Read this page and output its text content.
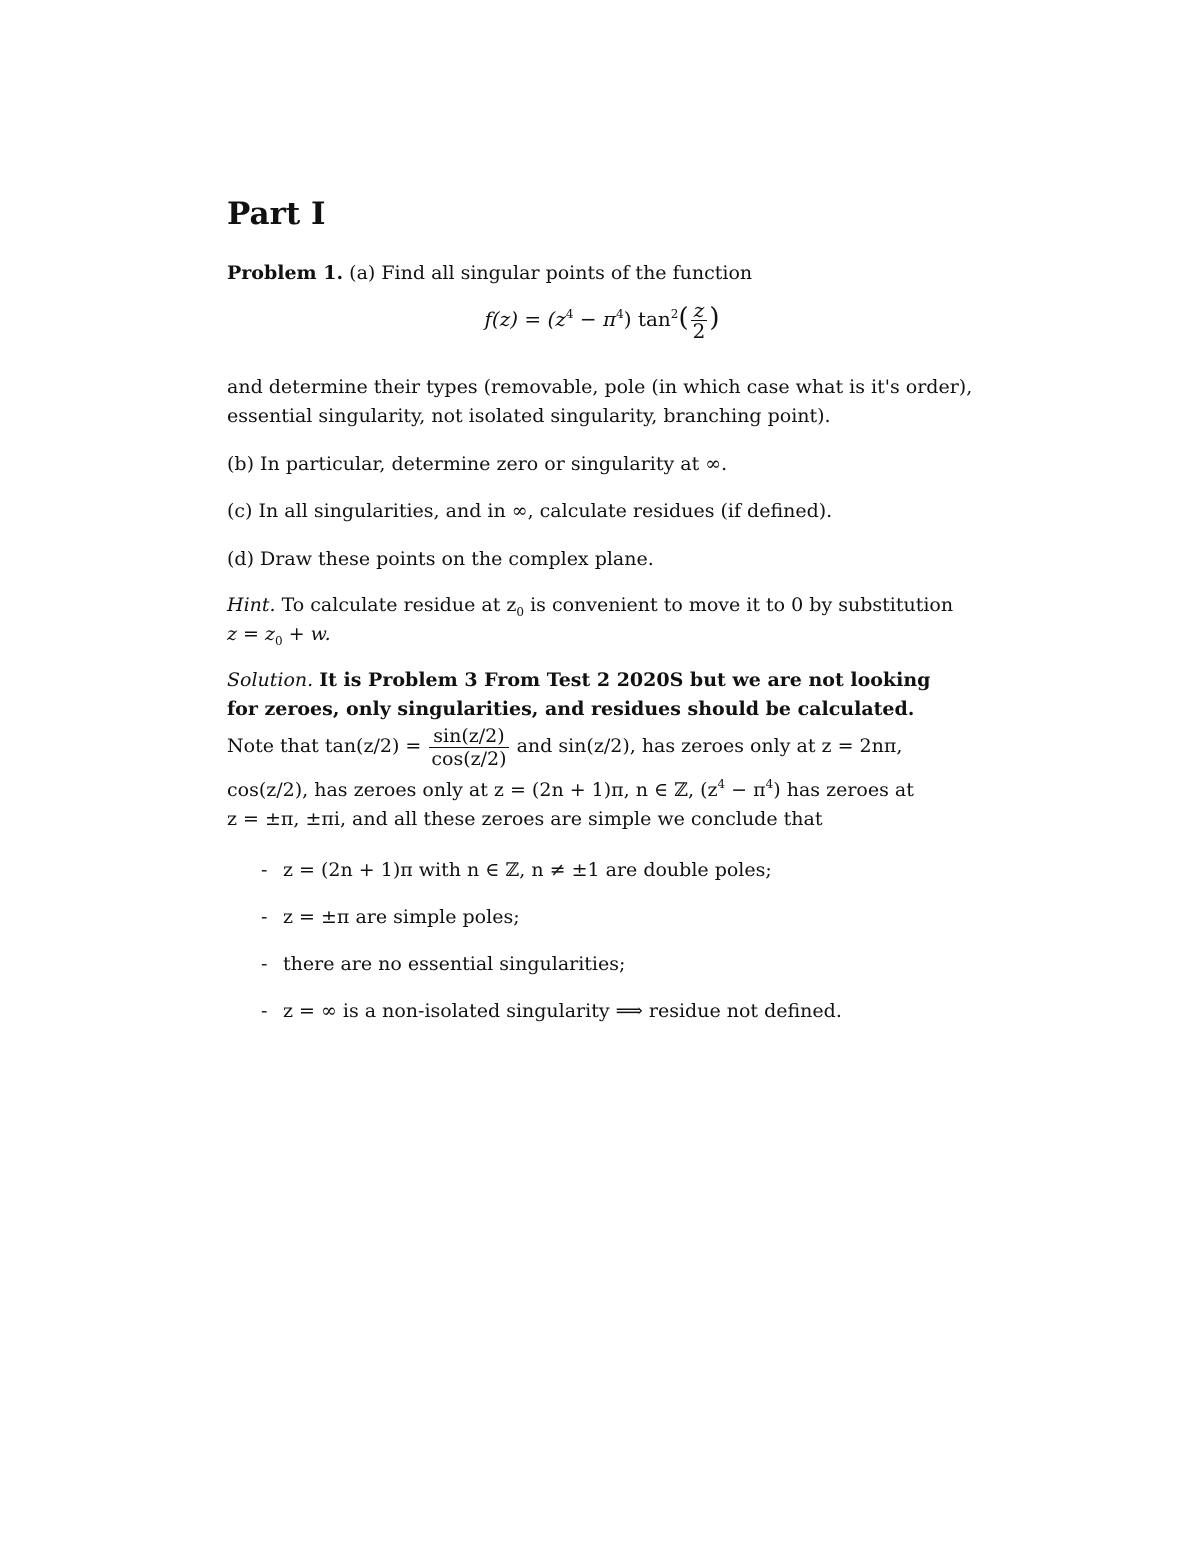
Part I
Problem 1. (a) Find all singular points of the function
$f(z) = (z^4 - \pi^4)$ $\tan^2( \frac{z}{2}$ )
and determine their types (removable, pole (in which case what is it's order),
essential singularity, not isolated singularity, branching point).
(b) In particular, determine zero or singularity at ∞.
(c) In all singularities, and in ∞, calculate residues (if defined).
(d) Draw these points on the complex plane.
Hint. To calculate residue at $z_0$ is convenient to move it to 0 by substitution
$z = z_0 + w$.
Solution. It is Problem 3 From Test 2 2020S but we are not looking
for zeroes, only singularities, and residues should be calculated.
Note that $\tan(z/2) = \frac{\sin(z/2)}{\cos(z/2)}$ and sin(z/2), has zeroes only at z = 2nπ,
cos(z/2), has zeroes only at z = (2n + 1)π, n ∈ ℤ, $(z^4 - \pi^4)$ has zeroes at
z = ±π, ±πi, and all these zeroes are simple we conclude that
- z = (2n + 1)π with n ∈ ℤ, n ≠ ±1 are double poles;
- z = ±π are simple poles;
- there are no essential singularities;
- z = ∞ is a non-isolated singularity ⟹ residue not defined.
